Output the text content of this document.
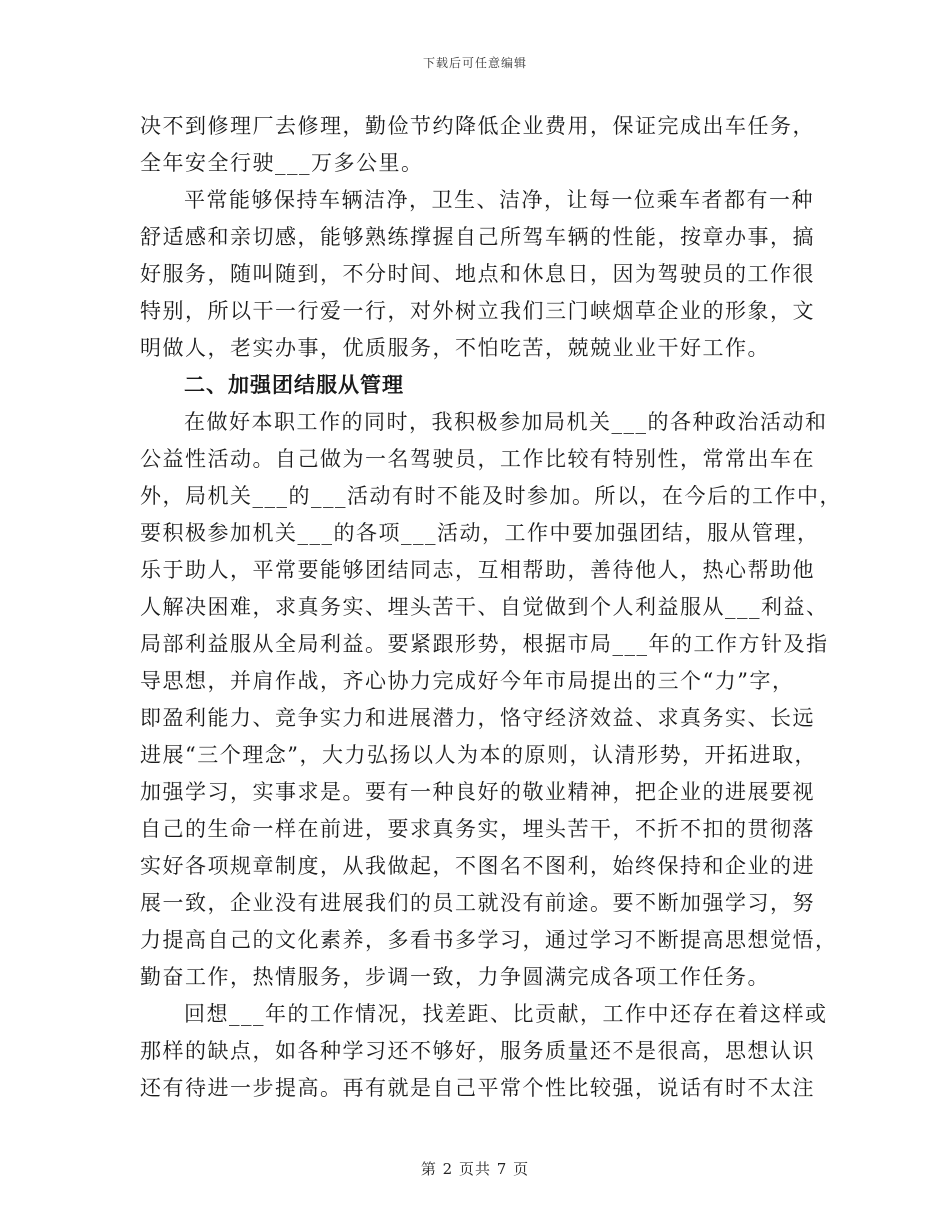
下载后可任意编辑
决不到修理厂去修理，勤俭节约降低企业费用，保证完成出车任务，
全年安全行驶___万多公里。
平常能够保持车辆洁净，卫生、洁净，让每一位乘车者都有一种
舒适感和亲切感，能够熟练撑握自己所驾车辆的性能，按章办事，搞
好服务，随叫随到，不分时间、地点和休息日，因为驾驶员的工作很
特别，所以干一行爱一行，对外树立我们三门峡烟草企业的形象，文
明做人，老实办事，优质服务，不怕吃苦，兢兢业业干好工作。
二、加强团结服从管理
在做好本职工作的同时，我积极参加局机关___的各种政治活动和
公益性活动。自己做为一名驾驶员，工作比较有特别性，常常出车在
外，局机关___的___活动有时不能及时参加。所以，在今后的工作中，
要积极参加机关___的各项___活动，工作中要加强团结，服从管理，
乐于助人，平常要能够团结同志，互相帮助，善待他人，热心帮助他
人解决困难，求真务实、埋头苦干、自觉做到个人利益服从___利益、
局部利益服从全局利益。要紧跟形势，根据市局___年的工作方针及指
导思想，并肩作战，齐心协力完成好今年市局提出的三个“力”字，
即盈利能力、竞争实力和进展潜力，恪守经济效益、求真务实、长远
进展“三个理念”，大力弘扬以人为本的原则，认清形势，开拓进取，
加强学习，实事求是。要有一种良好的敬业精神，把企业的进展要视
自己的生命一样在前进，要求真务实，埋头苦干，不折不扣的贯彻落
实好各项规章制度，从我做起，不图名不图利，始终保持和企业的进
展一致，企业没有进展我们的员工就没有前途。要不断加强学习，努
力提高自己的文化素养，多看书多学习，通过学习不断提高思想觉悟，
勤奋工作，热情服务，步调一致，力争圆满完成各项工作任务。
回想___年的工作情况，找差距、比贡献，工作中还存在着这样或
那样的缺点，如各种学习还不够好，服务质量还不是很高，思想认识
还有待进一步提高。再有就是自己平常个性比较强，说话有时不太注
第 2 页共 7 页
